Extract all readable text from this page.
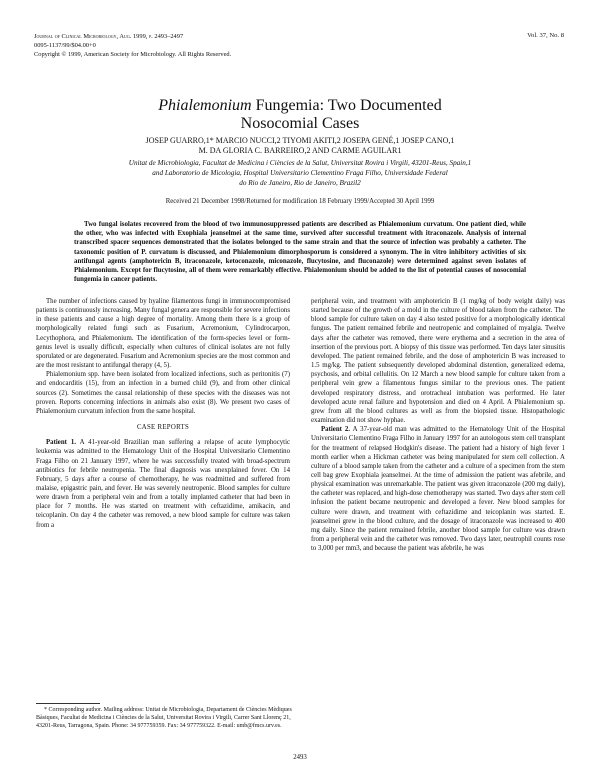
Journal of Clinical Microbiology, Aug. 1999, p. 2493–2497
0095-1137/99/$04.00+0
Copyright © 1999, American Society for Microbiology. All Rights Reserved.
Vol. 37, No. 8
Phialemonium Fungemia: Two Documented
Nosocomial Cases
JOSEP GUARRO,1* MARCIO NUCCI,2 TIYOMI AKITI,2 JOSEPA GENÉ,1 JOSEP CANO,1
M. DA GLORIA C. BARREIRO,2 AND CARME AGUILAR1
Unitat de Microbiologia, Facultat de Medicina i Ciències de la Salut, Universitat Rovira i Virgili, 43201-Reus, Spain,1
and Laboratorio de Micologia, Hospital Universitario Clementino Fraga Filho, Universidade Federal
do Rio de Janeiro, Rio de Janeiro, Brazil2
Received 21 December 1998/Returned for modification 18 February 1999/Accepted 30 April 1999

Two fungal isolates recovered from the blood of two immunosuppressed patients are described as Phialemonium curvatum. One patient died, while the other, who was infected with Exophiala jeanselmei at the same time, survived after successful treatment with itraconazole. Analysis of internal transcribed spacer sequences demonstrated that the isolates belonged to the same strain and that the source of infection was probably a catheter. The taxonomic position of P. curvatum is discussed, and Phialemonium dimorphosporum is considered a synonym. The in vitro inhibitory activities of six antifungal agents (amphotericin B, itraconazole, ketoconazole, miconazole, flucytosine, and fluconazole) were determined against seven isolates of Phialemonium. Except for flucytosine, all of them were remarkably effective. Phialemonium should be added to the list of potential causes of nosocomial fungemia in cancer patients.

The number of infections caused by hyaline filamentous fungi in immunocompromised patients is continuously increasing. Many fungal genera are responsible for severe infections in these patients and cause a high degree of mortality. Among them there is a group of morphologically related fungi such as Fusarium, Acremonium, Cylindrocarpon, Lecythophora, and Phialemonium. The identification of the form-species level or form-genus level is usually difficult, especially when cultures of clinical isolates are not fully sporulated or are degenerated. Fusarium and Acremonium species are the most common and are the most resistant to antifungal therapy (4, 5).

Phialemonium spp. have been isolated from localized infections, such as peritonitis (7) and endocarditis (15), from an infection in a burned child (9), and from other clinical sources (2). Sometimes the causal relationship of these species with the diseases was not proven. Reports concerning infections in animals also exist (8). We present two cases of Phialemonium curvatum infection from the same hospital.

CASE REPORTS

Patient 1. A 41-year-old Brazilian man suffering a relapse of acute lymphocytic leukemia was admitted to the Hematology Unit of the Hospital Universitario Clementino Fraga Filho on 21 January 1997, where he was successfully treated with broad-spectrum antibiotics for febrile neutropenia. The final diagnosis was unexplained fever. On 14 February, 5 days after a course of chemotherapy, he was readmitted and suffered from malaise, epigastric pain, and fever. He was severely neutropenic. Blood samples for culture were drawn from a peripheral vein and from a totally implanted catheter that had been in place for 7 months. He was started on treatment with ceftazidime, amikacin, and teicoplanin. On day 4 the catheter was removed, a new blood sample for culture was taken from a

peripheral vein, and treatment with amphotericin B (1 mg/kg of body weight daily) was started because of the growth of a mold in the culture of blood taken from the catheter. The blood sample for culture taken on day 4 also tested positive for a morphologically identical fungus. The patient remained febrile and neutropenic and complained of myalgia. Twelve days after the catheter was removed, there were erythema and a secretion in the area of insertion of the previous port. A biopsy of this tissue was performed. Ten days later sinusitis developed. The patient remained febrile, and the dose of amphotericin B was increased to 1.5 mg/kg. The patient subsequently developed abdominal distention, generalized edema, psychosis, and orbital cellulitis. On 12 March a new blood sample for culture taken from a peripheral vein grew a filamentous fungus similar to the previous ones. The patient developed respiratory distress, and orotracheal intubation was performed. He later developed acute renal failure and hypotension and died on 4 April. A Phialemonium sp. grew from all the blood cultures as well as from the biopsied tissue. Histopathologic examination did not show hyphae.

Patient 2. A 37-year-old man was admitted to the Hematology Unit of the Hospital Universitario Clementino Fraga Filho in January 1997 for an autologous stem cell transplant for the treatment of relapsed Hodgkin's disease. The patient had a history of high fever 1 month earlier when a Hickman catheter was being manipulated for stem cell collection. A culture of a blood sample taken from the catheter and a culture of a specimen from the stem cell bag grew Exophiala jeanselmei. At the time of admission the patient was afebrile, and physical examination was unremarkable. The patient was given itraconazole (200 mg daily), the catheter was replaced, and high-dose chemotherapy was started. Two days after stem cell infusion the patient became neutropenic and developed a fever. New blood samples for culture were drawn, and treatment with ceftazidime and teicoplanin was started. E. jeanselmei grew in the blood culture, and the dosage of itraconazole was increased to 400 mg daily. Since the patient remained febrile, another blood sample for culture was drawn from a peripheral vein and the catheter was removed. Two days later, neutrophil counts rose to 3,000 per mm3, and because the patient was afebrile, he was

* Corresponding author. Mailing address: Unitat de Microbiologia, Departament de Ciències Mèdiques Bàsiques, Facultat de Medicina i Ciències de la Salut, Universitat Rovira i Virgili, Carrer Sant Llorenç 21, 43201-Reus, Tarragona, Spain. Phone: 34 977759359. Fax: 34 977759322. E-mail: umb@fmcs.urv.es.

2493
